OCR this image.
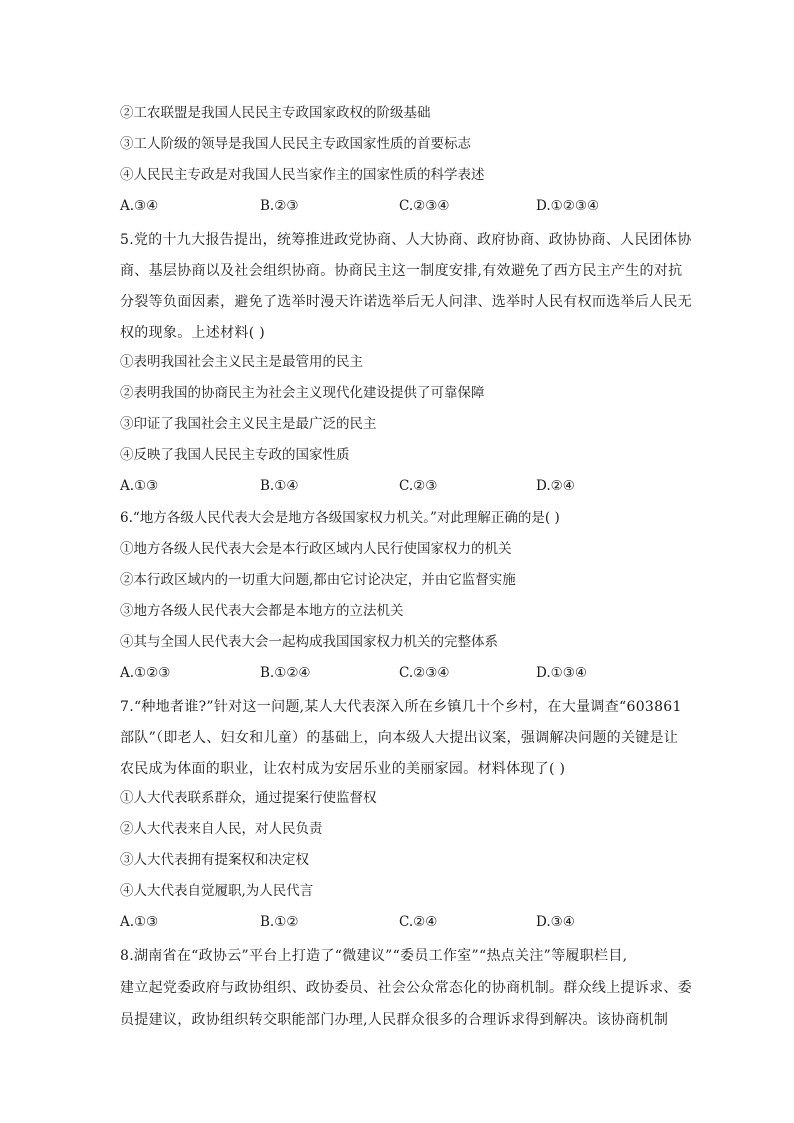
②工农联盟是我国人民民主专政国家政权的阶级基础
③工人阶级的领导是我国人民民主专政国家性质的首要标志
④人民民主专政是对我国人民当家作主的国家性质的科学表述
A.③④	B.②③	C.②③④	D.①②③④
5.党的十九大报告提出，统筹推进政党协商、人大协商、政府协商、政协协商、人民团体协
商、基层协商以及社会组织协商。协商民主这一制度安排,有效避免了西方民主产生的对抗
分裂等负面因素，避免了选举时漫天许诺选举后无人问津、选举时人民有权而选举后人民无
权的现象。上述材料( )
①表明我国社会主义民主是最管用的民主
②表明我国的协商民主为社会主义现代化建设提供了可靠保障
③印证了我国社会主义民主是最广泛的民主
④反映了我国人民民主专政的国家性质
A.①③	B.①④	C.②③	D.②④
6.“地方各级人民代表大会是地方各级国家权力机关。”对此理解正确的是( )
①地方各级人民代表大会是本行政区域内人民行使国家权力的机关
②本行政区域内的一切重大问题,都由它讨论决定，并由它监督实施
③地方各级人民代表大会都是本地方的立法机关
④其与全国人民代表大会一起构成我国国家权力机关的完整体系
A.①②③	B.①②④	C.②③④	D.①③④
7.“种地者谁?”针对这一问题,某人大代表深入所在乡镇几十个乡村，在大量调查“603861
部队”（即老人、妇女和儿童）的基础上，向本级人大提出议案，强调解决问题的关键是让
农民成为体面的职业，让农村成为安居乐业的美丽家园。材料体现了( )
①人大代表联系群众，通过提案行使监督权
②人大代表来自人民，对人民负责
③人大代表拥有提案权和决定权
④人大代表自觉履职,为人民代言
A.①③	B.①②	C.②④	D.③④
8.湖南省在“政协云”平台上打造了“微建议”“委员工作室”“热点关注”等履职栏目,
建立起党委政府与政协组织、政协委员、社会公众常态化的协商机制。群众线上提诉求、委
员提建议，政协组织转交职能部门办理,人民群众很多的合理诉求得到解决。该协商机制
